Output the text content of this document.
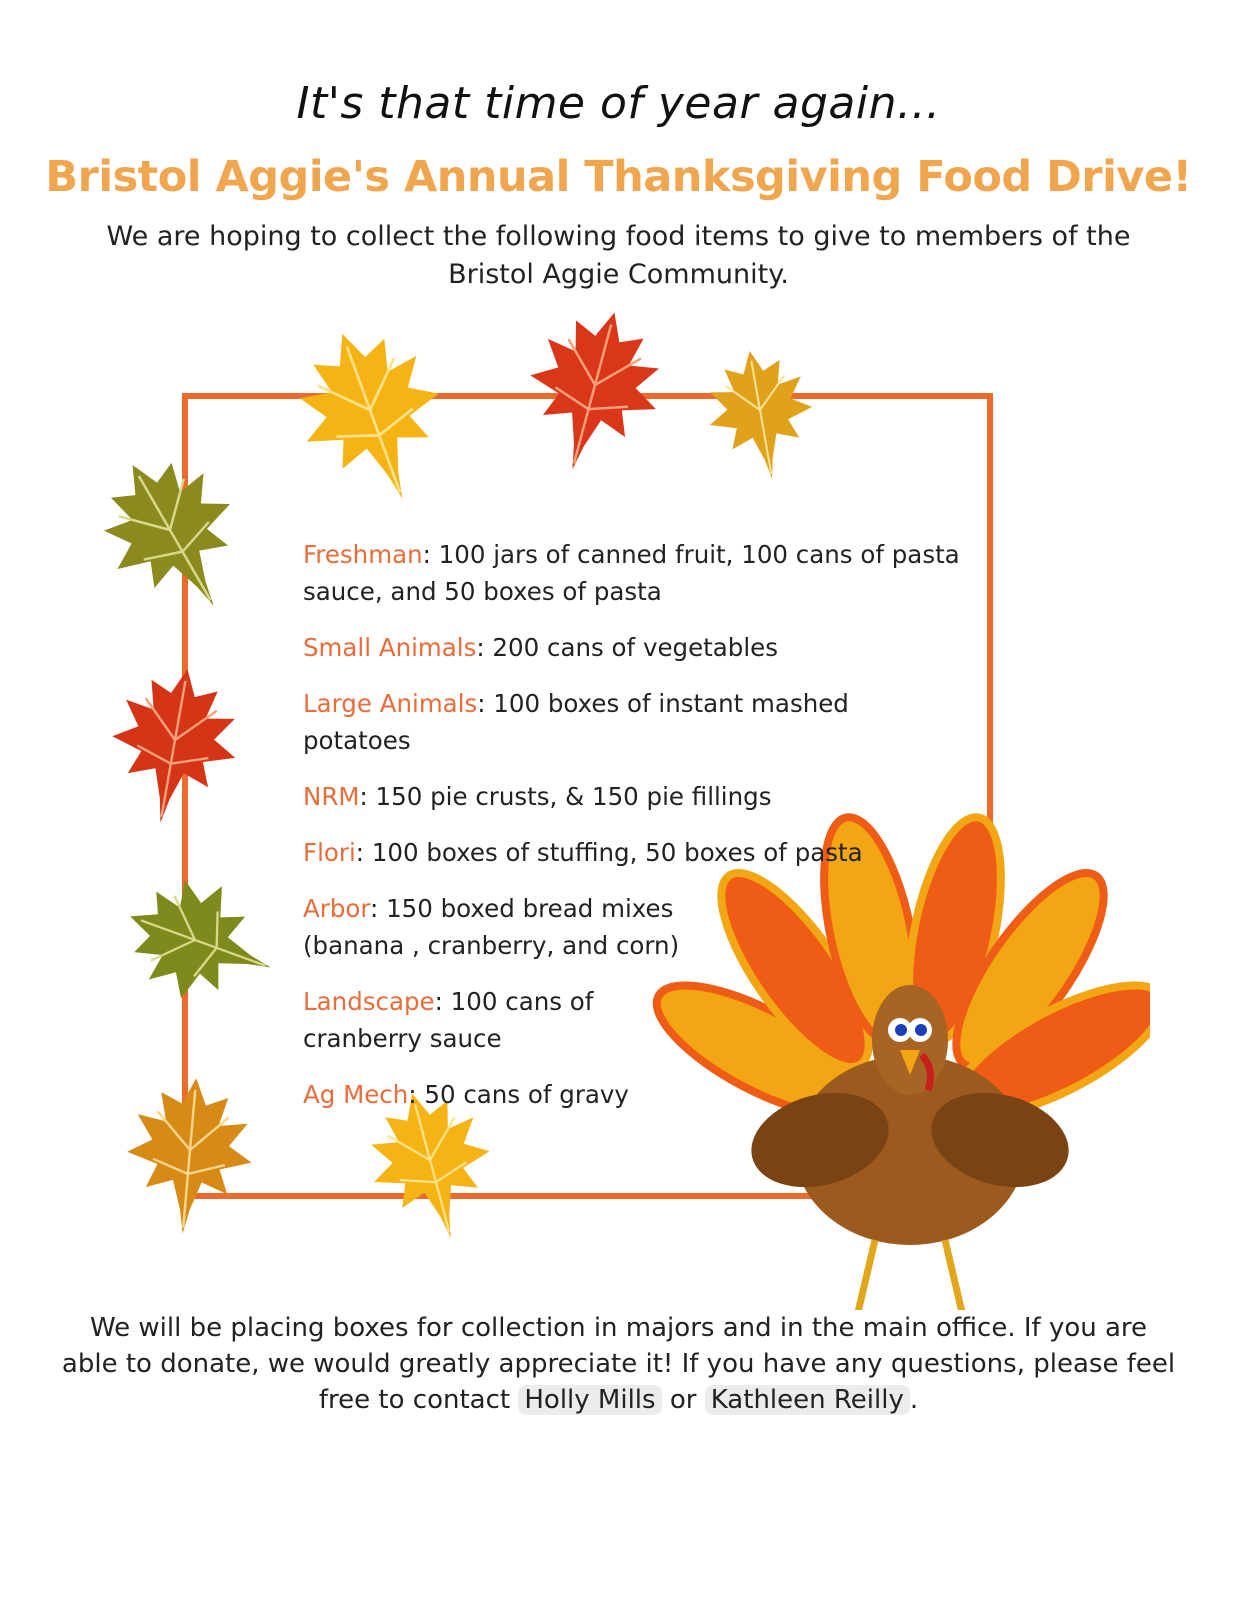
It's that time of year again...
Bristol Aggie's Annual Thanksgiving Food Drive!
We are hoping to collect the following food items to give to members of the Bristol Aggie Community.
Freshman: 100 jars of canned fruit, 100 cans of pasta sauce, and 50 boxes of pasta
Small Animals: 200 cans of vegetables
Large Animals: 100 boxes of instant mashed potatoes
NRM: 150 pie crusts, & 150 pie fillings
Flori: 100 boxes of stuffing, 50 boxes of pasta
Arbor: 150 boxed bread mixes (banana , cranberry, and corn)
Landscape: 100 cans of cranberry sauce
Ag Mech: 50 cans of gravy
We will be placing boxes for collection in majors and in the main office. If you are able to donate, we would greatly appreciate it! If you have any questions, please feel free to contact Holly Mills or Kathleen Reilly .
